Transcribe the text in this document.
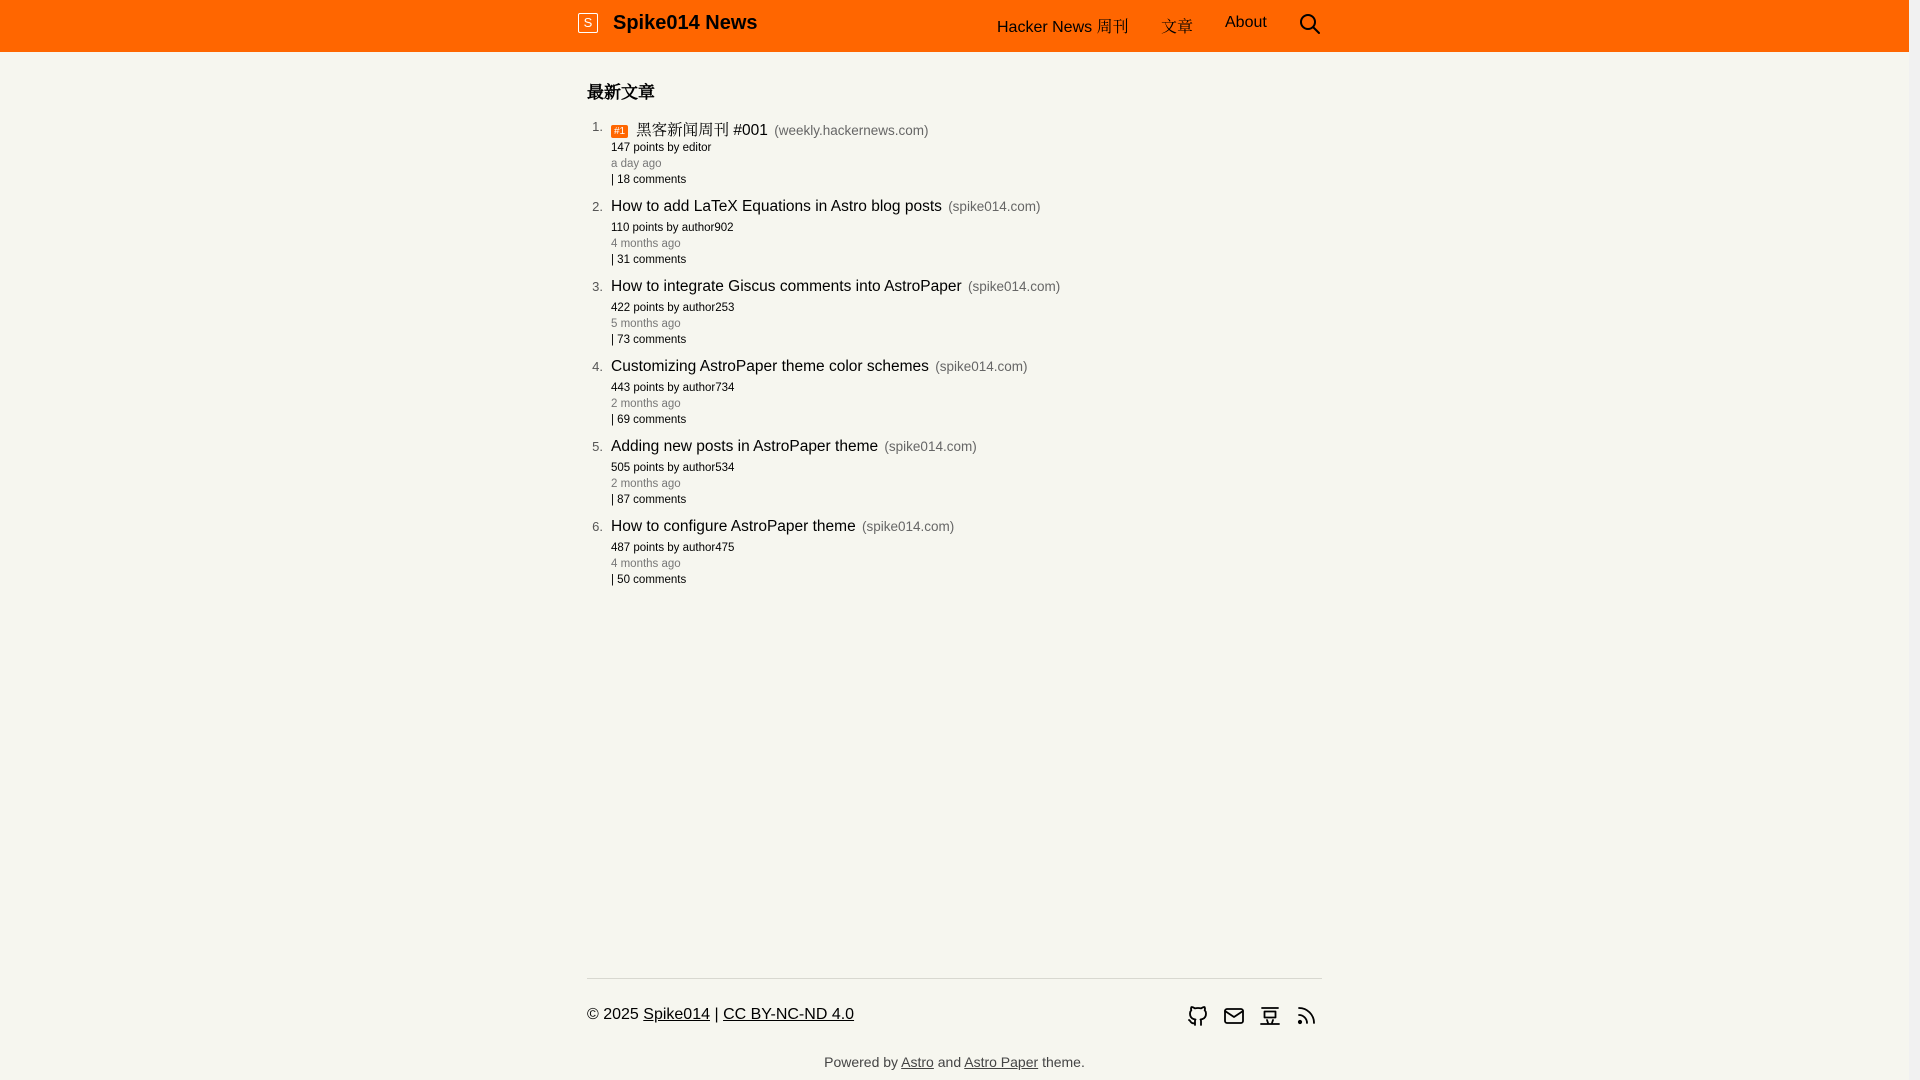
S Spike014 News	Hacker News 周刊 文章 About
最新文章
1.	#1 黑客新闻周刊 #001 (weekly.hackernews.com)
147 points by editor
a day ago
| 18 comments
2. How to add LaTeX Equations in Astro blog posts (spike014.com)
110 points by author902
4 months ago
| 31 comments
3. How to integrate Giscus comments into AstroPaper (spike014.com)
422 points by author253
5 months ago
| 73 comments
4. Customizing AstroPaper theme color schemes (spike014.com)
443 points by author734
2 months ago
| 69 comments
5. Adding new posts in AstroPaper theme (spike014.com)
505 points by author534
2 months ago
| 87 comments
6. How to configure AstroPaper theme (spike014.com)
487 points by author475
4 months ago
| 50 comments
© 2025 Spike014 | CC BY-NC-ND 4.0
Powered by Astro and Astro Paper theme.
